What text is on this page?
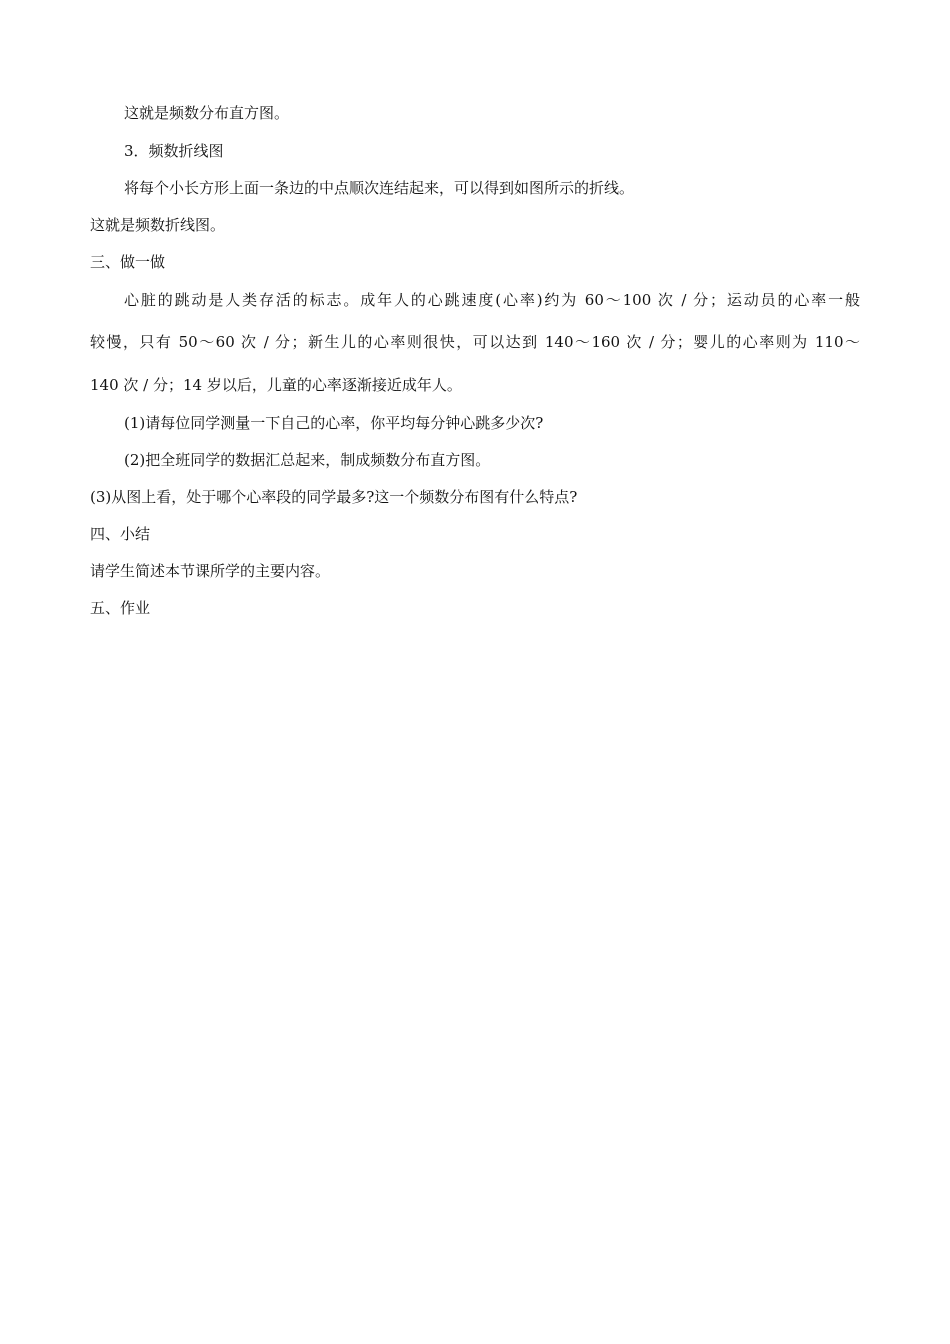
这就是频数分布直方图。

3．频数折线图

将每个小长方形上面一条边的中点顺次连结起来，可以得到如图所示的折线。

这就是频数折线图。

三、做一做

心脏的跳动是人类存活的标志。成年人的心跳速度(心率)约为 60～100 次 / 分；运动员的心率一般

较慢，只有 50～60 次 / 分；新生儿的心率则很快，可以达到 140～160 次 / 分；婴儿的心率则为 110～

140 次 / 分；14 岁以后，儿童的心率逐渐接近成年人。

(1)请每位同学测量一下自己的心率，你平均每分钟心跳多少次?

(2)把全班同学的数据汇总起来，制成频数分布直方图。

(3)从图上看，处于哪个心率段的同学最多?这一个频数分布图有什么特点?

四、小结

请学生简述本节课所学的主要内容。

五、作业
